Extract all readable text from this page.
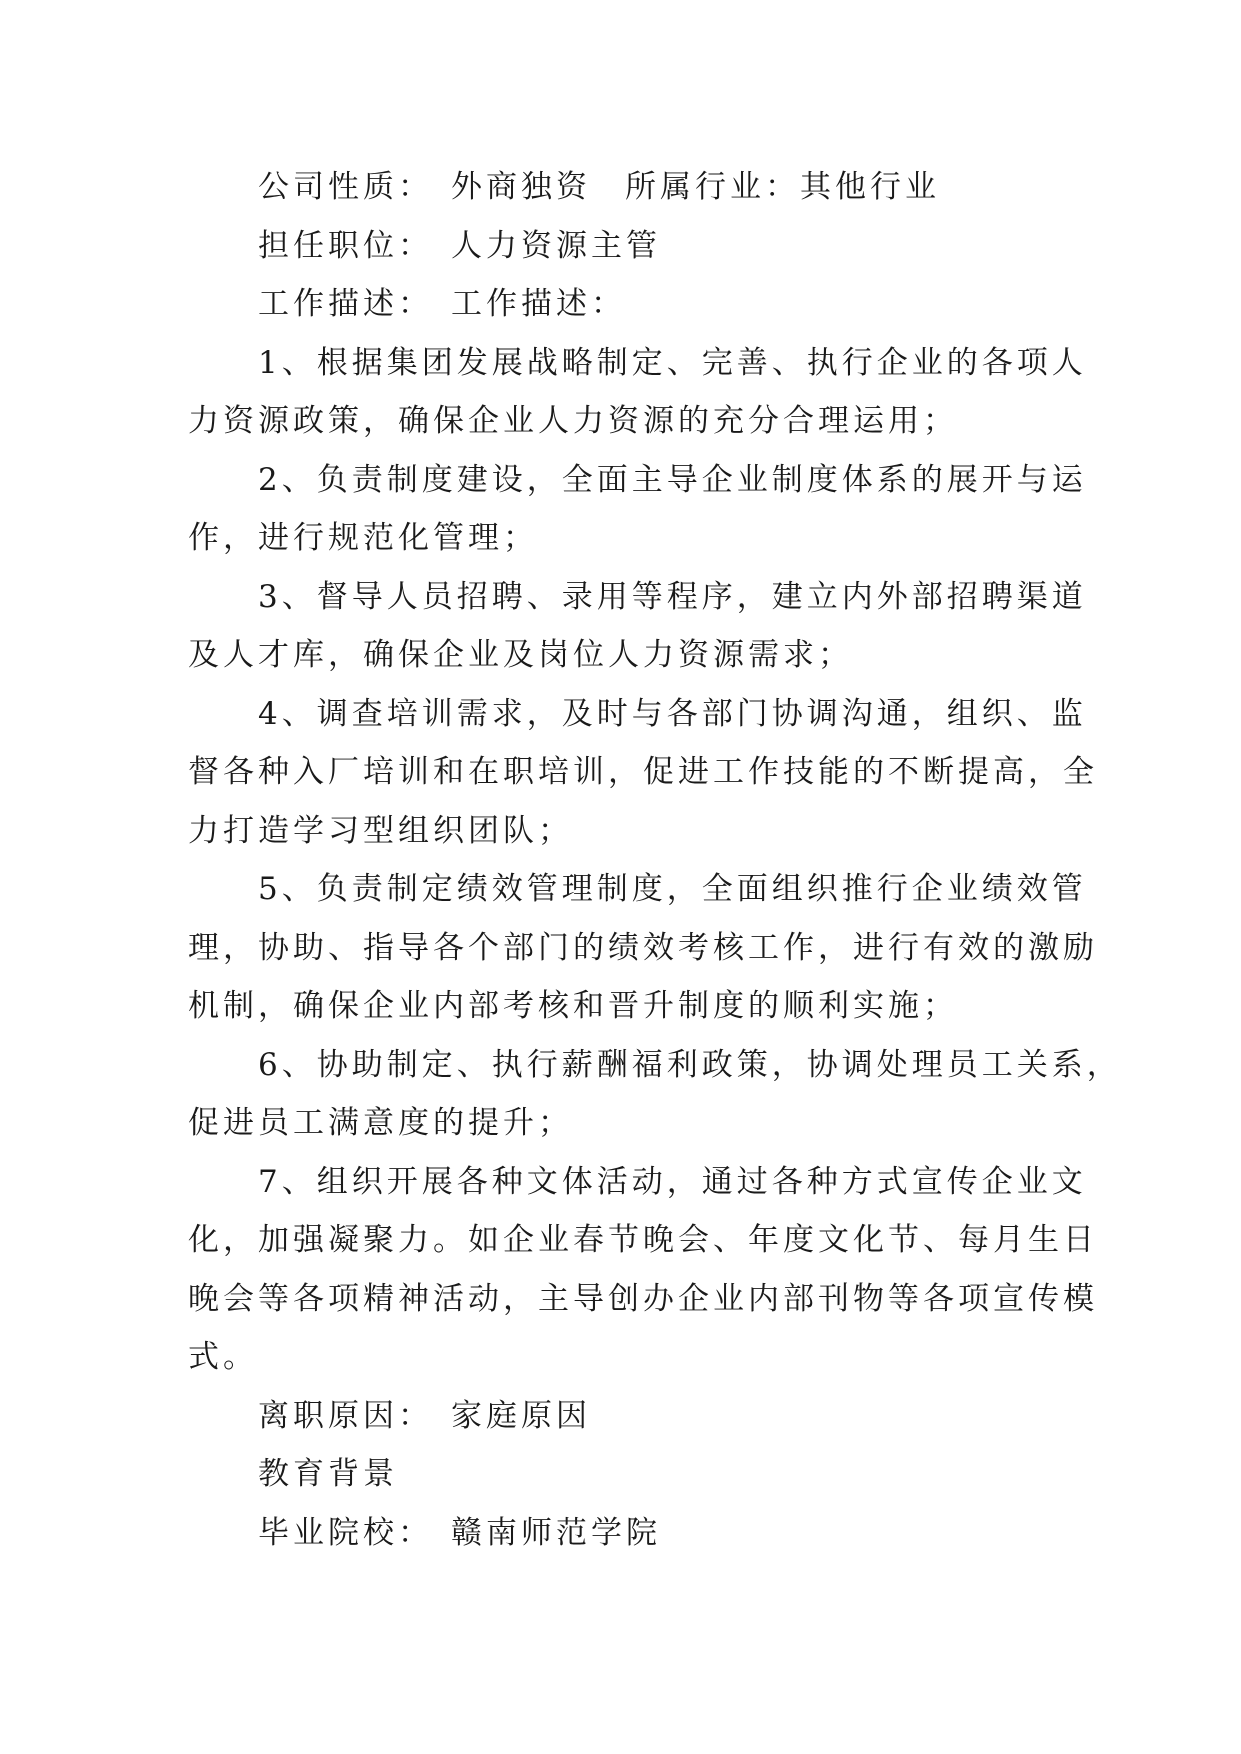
公司性质： 外商独资 所属行业：其他行业
担任职位： 人力资源主管
工作描述： 工作描述：
1、根据集团发展战略制定、完善、执行企业的各项人
力资源政策，确保企业人力资源的充分合理运用；
2、负责制度建设，全面主导企业制度体系的展开与运
作，进行规范化管理；
3、督导人员招聘、录用等程序，建立内外部招聘渠道
及人才库，确保企业及岗位人力资源需求；
4、调查培训需求，及时与各部门协调沟通，组织、监
督各种入厂培训和在职培训，促进工作技能的不断提高，全
力打造学习型组织团队；
5、负责制定绩效管理制度，全面组织推行企业绩效管
理，协助、指导各个部门的绩效考核工作，进行有效的激励
机制，确保企业内部考核和晋升制度的顺利实施；
6、协助制定、执行薪酬福利政策，协调处理员工关系，
促进员工满意度的提升；
7、组织开展各种文体活动，通过各种方式宣传企业文
化，加强凝聚力。如企业春节晚会、年度文化节、每月生日
晚会等各项精神活动，主导创办企业内部刊物等各项宣传模
式。
离职原因： 家庭原因
教育背景
毕业院校： 赣南师范学院
